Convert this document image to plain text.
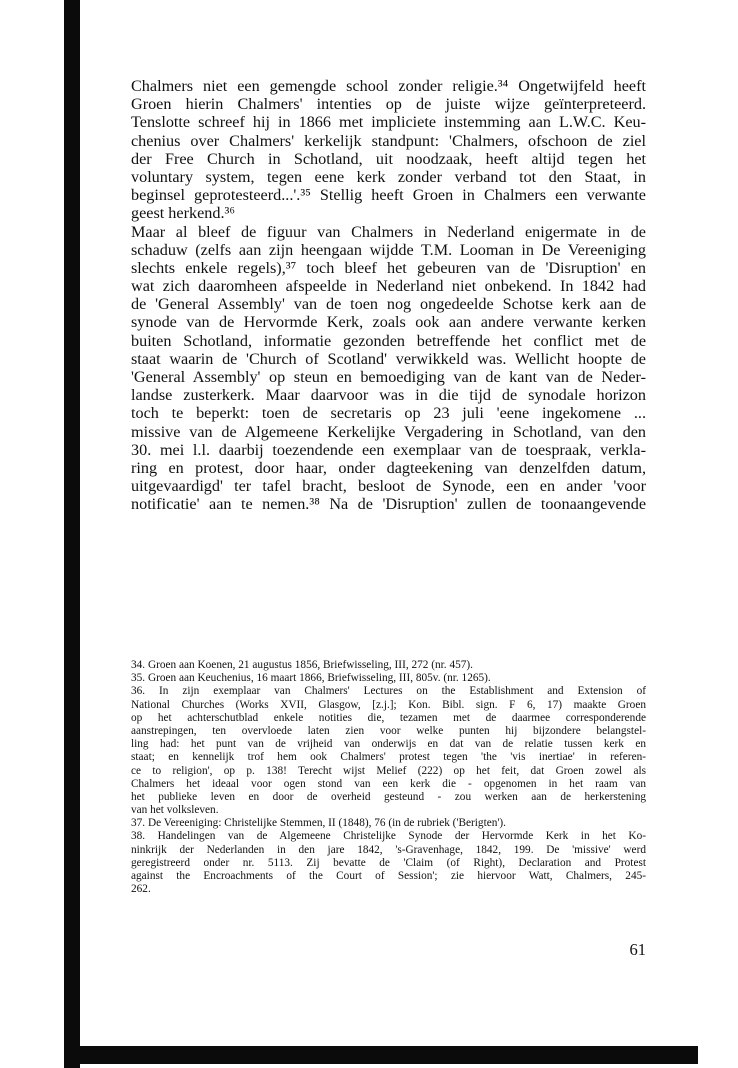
Chalmers niet een gemengde school zonder religie.³⁴ Ongetwijfeld heeft
Groen hierin Chalmers' intenties op de juiste wijze geïnterpreteerd.
Tenslotte schreef hij in 1866 met impliciete instemming aan L.W.C. Keu-
chenius over Chalmers' kerkelijk standpunt: 'Chalmers, ofschoon de ziel
der Free Church in Schotland, uit noodzaak, heeft altijd tegen het
voluntary system, tegen eene kerk zonder verband tot den Staat, in
beginsel geprotesteerd...'.³⁵ Stellig heeft Groen in Chalmers een verwante
geest herkend.³⁶
Maar al bleef de figuur van Chalmers in Nederland enigermate in de
schaduw (zelfs aan zijn heengaan wijdde T.M. Looman in De Vereeniging
slechts enkele regels),³⁷ toch bleef het gebeuren van de 'Disruption' en
wat zich daaromheen afspeelde in Nederland niet onbekend. In 1842 had
de 'General Assembly' van de toen nog ongedeelde Schotse kerk aan de
synode van de Hervormde Kerk, zoals ook aan andere verwante kerken
buiten Schotland, informatie gezonden betreffende het conflict met de
staat waarin de 'Church of Scotland' verwikkeld was. Wellicht hoopte de
'General Assembly' op steun en bemoediging van de kant van de Neder-
landse zusterkerk. Maar daarvoor was in die tijd de synodale horizon
toch te beperkt: toen de secretaris op 23 juli 'eene ingekomene ...
missive van de Algemeene Kerkelijke Vergadering in Schotland, van den
30. mei l.l. daarbij toezendende een exemplaar van de toespraak, verkla-
ring en protest, door haar, onder dagteekening van denzelfden datum,
uitgevaardigd' ter tafel bracht, besloot de Synode, een en ander 'voor
notificatie' aan te nemen.³⁸ Na de 'Disruption' zullen de toonaangevende
34. Groen aan Koenen, 21 augustus 1856, Briefwisseling, III, 272 (nr. 457).
35. Groen aan Keuchenius, 16 maart 1866, Briefwisseling, III, 805v. (nr. 1265).
36. In zijn exemplaar van Chalmers' Lectures on the Establishment and Extension of
National Churches (Works XVII, Glasgow, [z.j.]; Kon. Bibl. sign. F 6, 17) maakte Groen
op het achterschutblad enkele notities die, tezamen met de daarmee corresponderende
aanstrepingen, ten overvloede laten zien voor welke punten hij bijzondere belangstel-
ling had: het punt van de vrijheid van onderwijs en dat van de relatie tussen kerk en
staat; en kennelijk trof hem ook Chalmers' protest tegen 'the 'vis inertiae' in referen-
ce to religion', op p. 138! Terecht wijst Melief (222) op het feit, dat Groen zowel als
Chalmers het ideaal voor ogen stond van een kerk die - opgenomen in het raam van
het publieke leven en door de overheid gesteund - zou werken aan de herkerstening
van het volksleven.
37. De Vereeniging: Christelijke Stemmen, II (1848), 76 (in de rubriek ('Berigten').
38. Handelingen van de Algemeene Christelijke Synode der Hervormde Kerk in het Ko-
ninkrijk der Nederlanden in den jare 1842, 's-Gravenhage, 1842, 199. De 'missive' werd
geregistreerd onder nr. 5113. Zij bevatte de 'Claim (of Right), Declaration and Protest
against the Encroachments of the Court of Session'; zie hiervoor Watt, Chalmers, 245-
262.
61
